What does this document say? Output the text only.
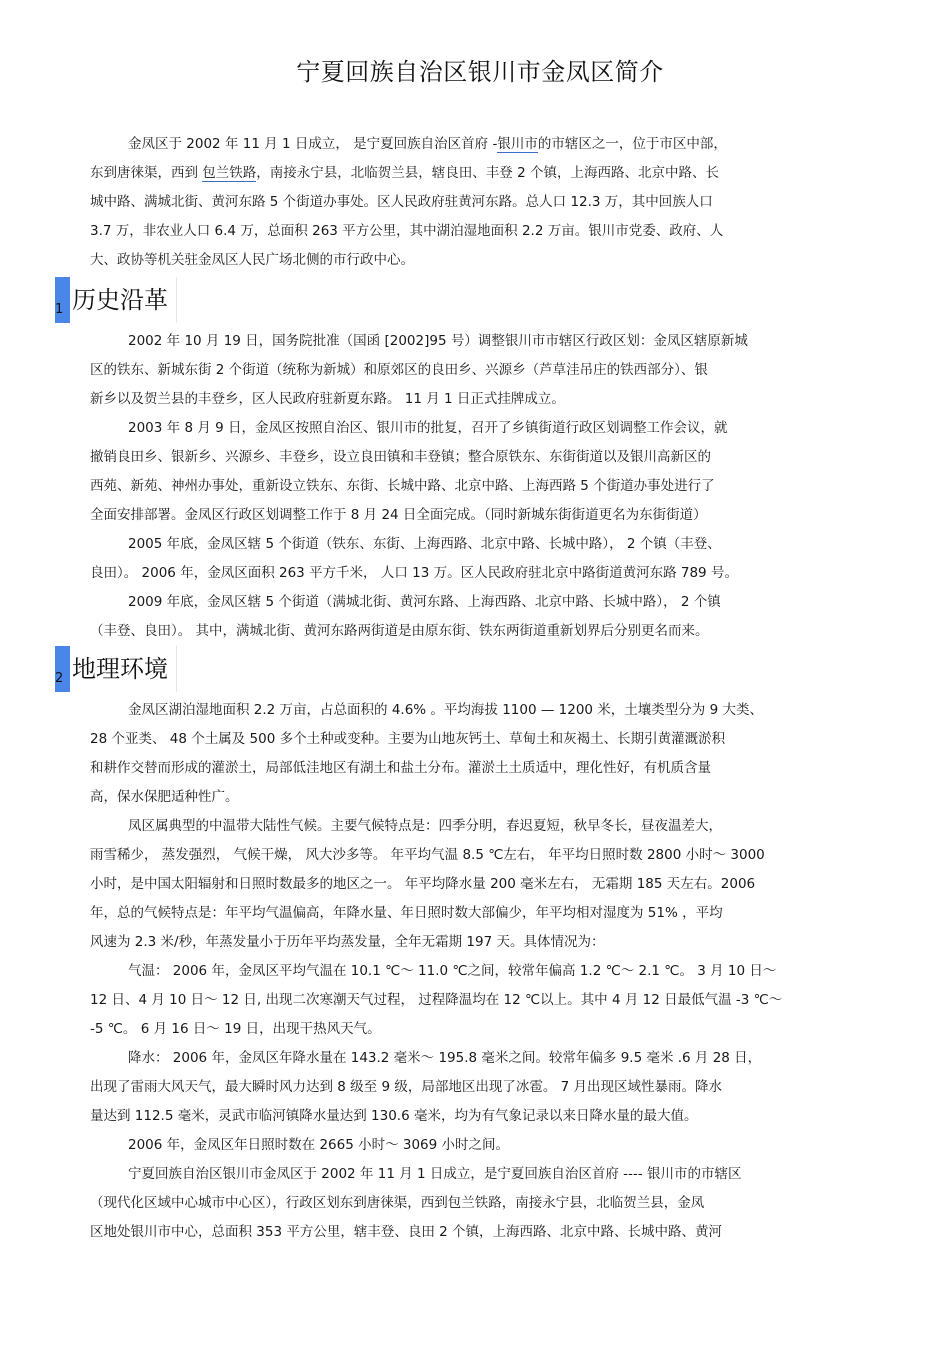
宁夏回族自治区银川市金凤区简介
金凤区于 2002 年 11 月 1 日成立， 是宁夏回族自治区首府 -银川市的市辖区之一，位于市区中部，
东到唐徕渠，西到 包兰铁路，南接永宁县，北临贺兰县，辖良田、丰登 2 个镇，上海西路、北京中路、长
城中路、满城北街、黄河东路 5 个街道办事处。区人民政府驻黄河东路。总人口 12.3 万，其中回族人口
3.7 万，非农业人口 6.4 万，总面积 263 平方公里，其中湖泊湿地面积 2.2 万亩。银川市党委、政府、人
大、政协等机关驻金凤区人民广场北侧的市行政中心。
1 历史沿革
2002 年 10 月 19 日，国务院批准（国函 [2002]95 号）调整银川市市辖区行政区划：金凤区辖原新城
区的铁东、新城东街 2 个街道（统称为新城）和原郊区的良田乡、兴源乡（芦草洼吊庄的铁西部分）、银
新乡以及贺兰县的丰登乡，区人民政府驻新夏东路。 11 月 1 日正式挂牌成立。
2003 年 8 月 9 日，金凤区按照自治区、银川市的批复，召开了乡镇街道行政区划调整工作会议，就
撤销良田乡、银新乡、兴源乡、丰登乡，设立良田镇和丰登镇；整合原铁东、东街街道以及银川高新区的
西苑、新苑、神州办事处，重新设立铁东、东街、长城中路、北京中路、上海西路 5 个街道办事处进行了
全面安排部署。金凤区行政区划调整工作于 8 月 24 日全面完成。（同时新城东街街道更名为东街街道）
2005 年底，金凤区辖 5 个街道（铁东、东街、上海西路、北京中路、长城中路）， 2 个镇（丰登、
良田）。 2006 年，金凤区面积 263 平方千米， 人口 13 万。区人民政府驻北京中路街道黄河东路 789 号。
2009 年底，金凤区辖 5 个街道（满城北街、黄河东路、上海西路、北京中路、长城中路）， 2 个镇
（丰登、良田）。 其中，满城北街、黄河东路两街道是由原东街、铁东两街道重新划界后分别更名而来。
2 地理环境
金凤区湖泊湿地面积 2.2 万亩，占总面积的 4.6% 。平均海拔 1100 — 1200 米，土壤类型分为 9 大类、
28 个亚类、 48 个土属及 500 多个土种或变种。主要为山地灰钙土、草甸土和灰褐土、长期引黄灌溉淤积
和耕作交替而形成的灌淤土，局部低洼地区有湖土和盐土分布。灌淤土土质适中，理化性好，有机质含量
高，保水保肥适种性广。
凤区属典型的中温带大陆性气候。主要气候特点是：四季分明，春迟夏短，秋早冬长，昼夜温差大，
雨雪稀少， 蒸发强烈， 气候干燥， 风大沙多等。 年平均气温 8.5 ℃左右， 年平均日照时数 2800 小时～ 3000
小时，是中国太阳辐射和日照时数最多的地区之一。 年平均降水量 200 毫米左右， 无霜期 185 天左右。2006
年，总的气候特点是：年平均气温偏高，年降水量、年日照时数大部偏少，年平均相对湿度为 51% ，平均
风速为 2.3 米/秒，年蒸发量小于历年平均蒸发量，全年无霜期 197 天。具体情况为：
气温： 2006 年，金凤区平均气温在 10.1 ℃～ 11.0 ℃之间，较常年偏高 1.2 ℃～ 2.1 ℃。 3 月 10 日～
12 日、4 月 10 日～ 12 日, 出现二次寒潮天气过程， 过程降温均在 12 ℃以上。其中 4 月 12 日最低气温 -3 ℃～
-5 ℃。 6 月 16 日～ 19 日，出现干热风天气。
降水： 2006 年，金凤区年降水量在 143.2 毫米～ 195.8 毫米之间。较常年偏多 9.5 毫米 .6 月 28 日，
出现了雷雨大风天气，最大瞬时风力达到 8 级至 9 级，局部地区出现了冰雹。 7 月出现区域性暴雨。降水
量达到 112.5 毫米，灵武市临河镇降水量达到 130.6 毫米，均为有气象记录以来日降水量的最大值。
2006 年，金凤区年日照时数在 2665 小时～ 3069 小时之间。
宁夏回族自治区银川市金凤区于 2002 年 11 月 1 日成立，是宁夏回族自治区首府 ---- 银川市的市辖区
（现代化区域中心城市中心区），行政区划东到唐徕渠，西到包兰铁路，南接永宁县，北临贺兰县，金凤
区地处银川市中心，总面积 353 平方公里，辖丰登、良田 2 个镇，上海西路、北京中路、长城中路、黄河
